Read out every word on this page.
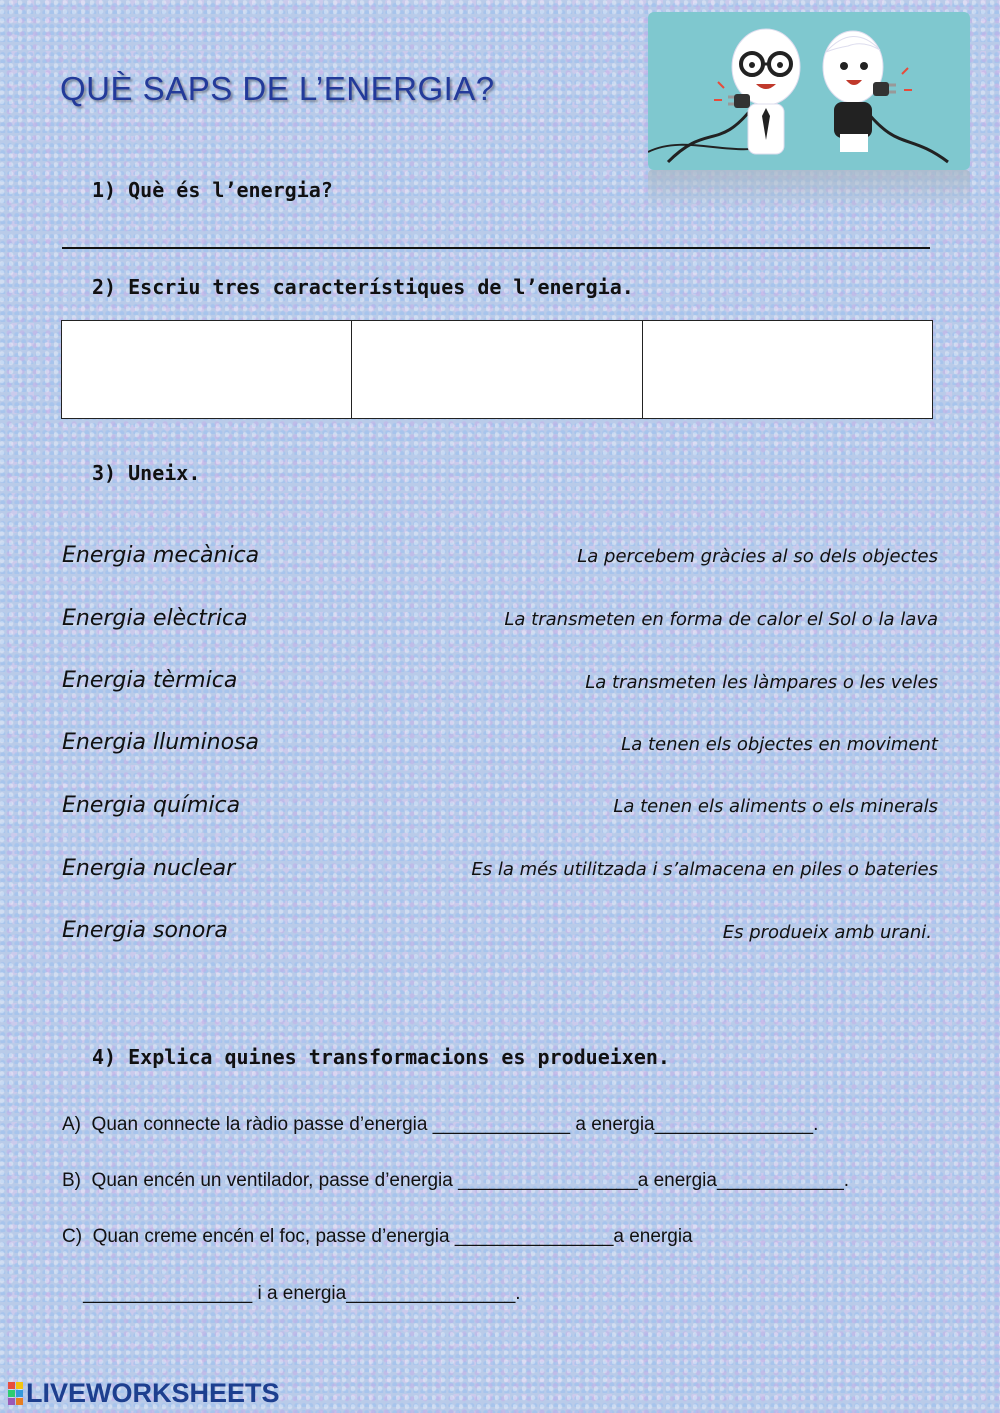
QUÈ SAPS DE L’ENERGIA?
1) Què és l’energia?
2) Escriu tres característiques de l’energia.
3) Uneix.
Energia mecànica
Energia elèctrica
Energia tèrmica
Energia lluminosa
Energia química
Energia nuclear
Energia sonora
La percebem gràcies al so dels objectes
La transmeten en forma de calor el Sol o la lava
La transmeten les làmpares o les veles
La tenen els objectes en moviment
La tenen els aliments o els minerals
Es la més utilitzada i s’almacena en piles o bateries
Es produeix amb urani.
4) Explica quines transformacions es produeixen.
A)  Quan connecte la ràdio passe d’energia _____________ a energia_______________.
B)  Quan encén un ventilador, passe d’energia _________________a energia____________.
C)  Quan creme encén el foc, passe d’energia _______________a energia
________________ i a energia________________.
LIVEWORKSHEETS
